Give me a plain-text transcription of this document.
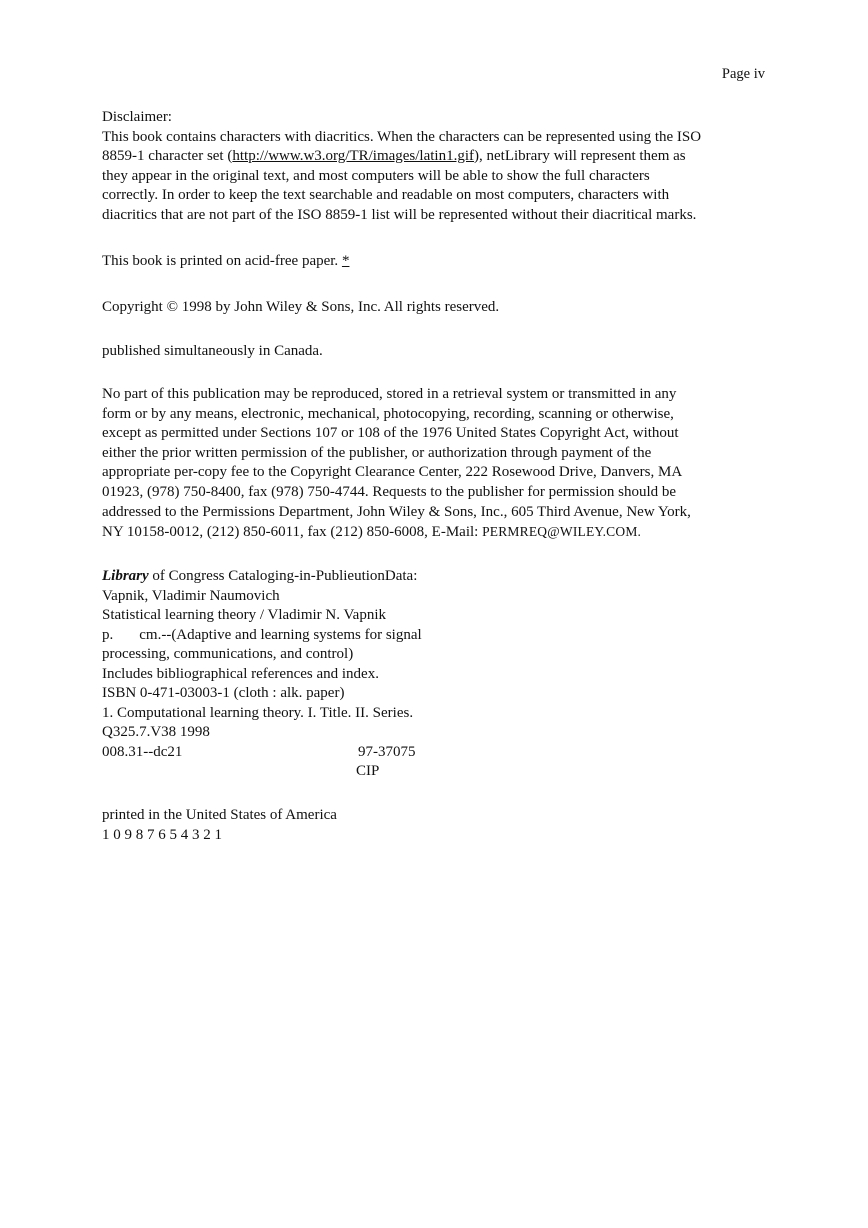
Page iv
Disclaimer:
This book contains characters with diacritics. When the characters can be represented using the ISO
8859-1 character set (http://www.w3.org/TR/images/latin1.gif), netLibrary will represent them as
they appear in the original text, and most computers will be able to show the full characters
correctly. In order to keep the text searchable and readable on most computers, characters with
diacritics that are not part of the ISO 8859-1 list will be represented without their diacritical marks.
This book is printed on acid-free paper. *
Copyright © 1998 by John Wiley & Sons, Inc. All rights reserved.
published simultaneously in Canada.
No part of this publication may be reproduced, stored in a retrieval system or transmitted in any
form or by any means, electronic, mechanical, photocopying, recording, scanning or otherwise,
except as permitted under Sections 107 or 108 of the 1976 United States Copyright Act, without
either the prior written permission of the publisher, or authorization through payment of the
appropriate per-copy fee to the Copyright Clearance Center, 222 Rosewood Drive, Danvers, MA
01923, (978) 750-8400, fax (978) 750-4744. Requests to the publisher for permission should be
addressed to the Permissions Department, John Wiley & Sons, Inc., 605 Third Avenue, New York,
NY 10158-0012, (212) 850-6011, fax (212) 850-6008, E-Mail: PERMREQ@WILEY.COM.
Library of Congress Cataloging-in-PublieutionData:
Vapnik, Vladimir Naumovich
Statistical learning theory / Vladimir N. Vapnik
p. cm.--(Adaptive and learning systems for signal
processing, communications, and control)
Includes bibliographical references and index.
ISBN 0-471-03003-1 (cloth : alk. paper)
1. Computational learning theory. I. Title. II. Series.
Q325.7.V38 1998
008.31--dc21	97-37075
CIP
printed in the United States of America
1 0 9 8 7 6 5 4 3 2 1
